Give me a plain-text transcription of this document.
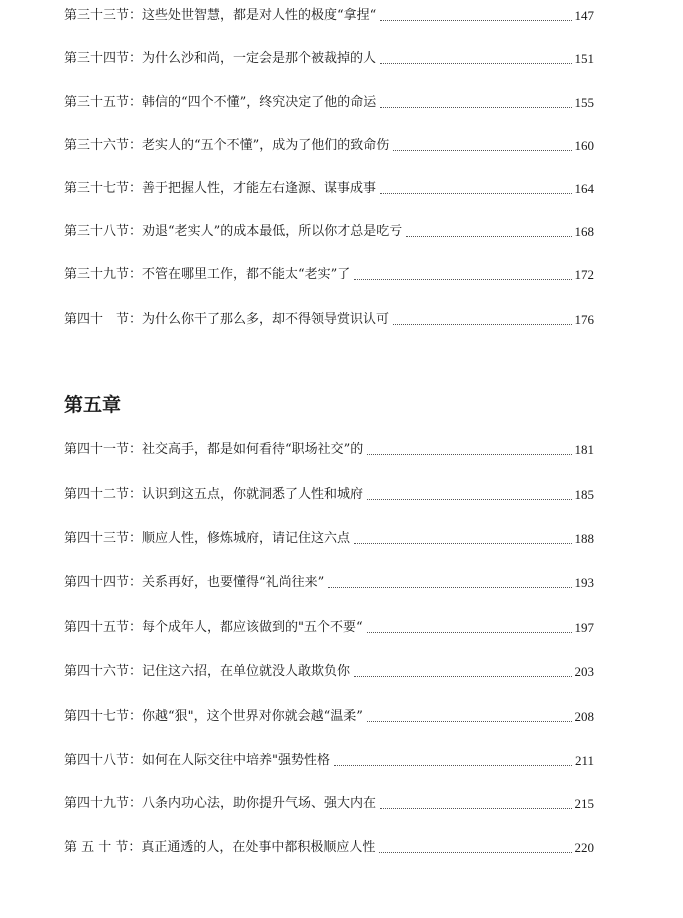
第三十三节：这些处世智慧，都是对人性的极度“拿捏“	147
第三十四节：为什么沙和尚，一定会是那个被裁掉的人	151
第三十五节：韩信的“四个不懂”，终究决定了他的命运	155
第三十六节：老实人的“五个不懂”，成为了他们的致命伤	160
第三十七节：善于把握人性，才能左右逢源、谋事成事	164
第三十八节：劝退“老实人”的成本最低，所以你才总是吃亏	168
第三十九节：不管在哪里工作，都不能太“老实”了	172
第四十　节：为什么你干了那么多，却不得领导赏识认可	176
第五章
第四十一节：社交高手，都是如何看待“职场社交”的	181
第四十二节：认识到这五点，你就洞悉了人性和城府	185
第四十三节：顺应人性，修炼城府，请记住这六点	188
第四十四节：关系再好，也要懂得“礼尚往来”	193
第四十五节：每个成年人，都应该做到的"五个不要“	197
第四十六节：记住这六招，在单位就没人敢欺负你	203
第四十七节：你越“狠"，这个世界对你就会越“温柔”	208
第四十八节：如何在人际交往中培养"强势性格	211
第四十九节：八条内功心法，助你提升气场、强大内在	215
第 五 十 节：真正通透的人，在处事中都积极顺应人性	220
